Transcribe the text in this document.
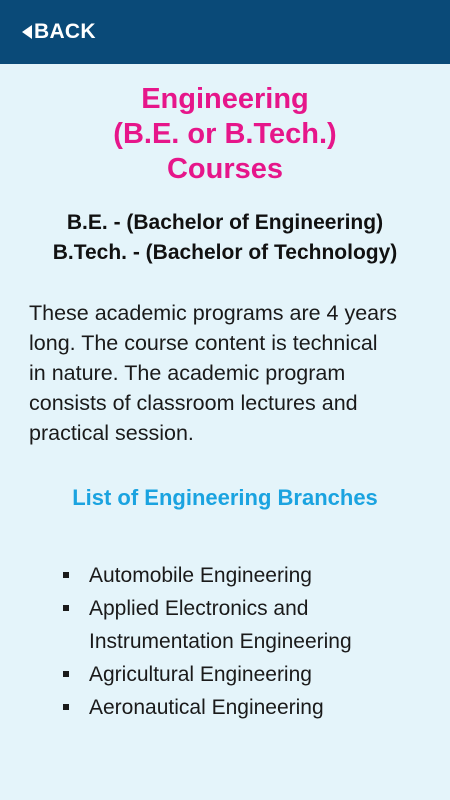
BACK
Engineering
(B.E. or B.Tech.)
Courses
B.E. - (Bachelor of Engineering)
B.Tech. - (Bachelor of Technology)
These academic programs are 4 years
long. The course content is technical
in nature. The academic program
consists of classroom lectures and
practical session.
List of Engineering Branches
Automobile Engineering
Applied Electronics and Instrumentation Engineering
Agricultural Engineering
Aeronautical Engineering
